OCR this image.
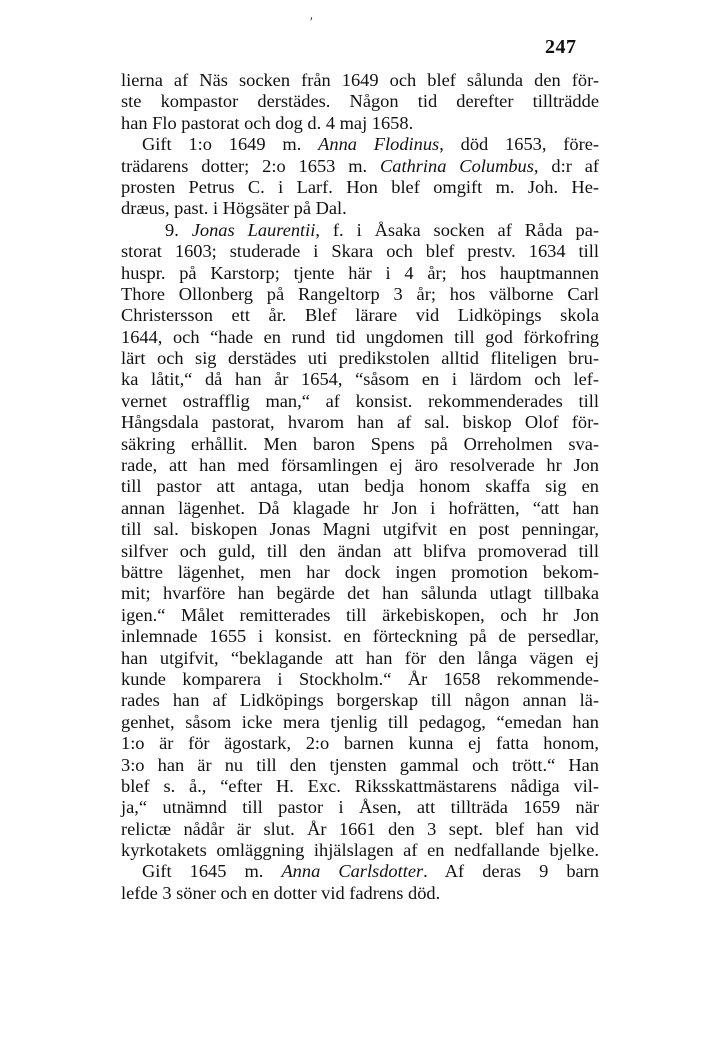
ʹ
247
lierna af Näs socken från 1649 och blef sålunda den för-
ste kompastor derstädes. Någon tid derefter tillträdde
han Flo pastorat och dog d. 4 maj 1658.
Gift 1:o 1649 m. Anna Flodinus, död 1653, före-
trädarens dotter; 2:o 1653 m. Cathrina Columbus, d:r af
prosten Petrus C. i Larf. Hon blef omgift m. Joh. He-
dræus, past. i Högsäter på Dal.
9. Jonas Laurentii, f. i Åsaka socken af Råda pa-
storat 1603; studerade i Skara och blef prestv. 1634 till
huspr. på Karstorp; tjente här i 4 år; hos hauptmannen
Thore Ollonberg på Rangeltorp 3 år; hos välborne Carl
Christersson ett år. Blef lärare vid Lidköpings skola
1644, och “hade en rund tid ungdomen till god förkofring
lärt och sig derstädes uti predikstolen alltid fliteligen bru-
ka låtit,“ då han år 1654, “såsom en i lärdom och lef-
vernet ostrafflig man,“ af konsist. rekommenderades till
Hångsdala pastorat, hvarom han af sal. biskop Olof för-
säkring erhållit. Men baron Spens på Orreholmen sva-
rade, att han med församlingen ej äro resolverade hr Jon
till pastor att antaga, utan bedja honom skaffa sig en
annan lägenhet. Då klagade hr Jon i hofrätten, “att han
till sal. biskopen Jonas Magni utgifvit en post penningar,
silfver och guld, till den ändan att blifva promoverad till
bättre lägenhet, men har dock ingen promotion bekom-
mit; hvarföre han begärde det han sålunda utlagt tillbaka
igen.“ Målet remitterades till ärkebiskopen, och hr Jon
inlemnade 1655 i konsist. en förteckning på de persedlar,
han utgifvit, “beklagande att han för den långa vägen ej
kunde komparera i Stockholm.“ År 1658 rekommende-
rades han af Lidköpings borgerskap till någon annan lä-
genhet, såsom icke mera tjenlig till pedagog, “emedan han
1:o är för ägostark, 2:o barnen kunna ej fatta honom,
3:o han är nu till den tjensten gammal och trött.“ Han
blef s. å., “efter H. Exc. Riksskattmästarens nådiga vil-
ja,“ utnämnd till pastor i Åsen, att tillträda 1659 när
relictæ nådår är slut. År 1661 den 3 sept. blef han vid
kyrkotakets omläggning ihjälslagen af en nedfallande bjelke.
Gift 1645 m. Anna Carlsdotter. Af deras 9 barn
lefde 3 söner och en dotter vid fadrens död.
